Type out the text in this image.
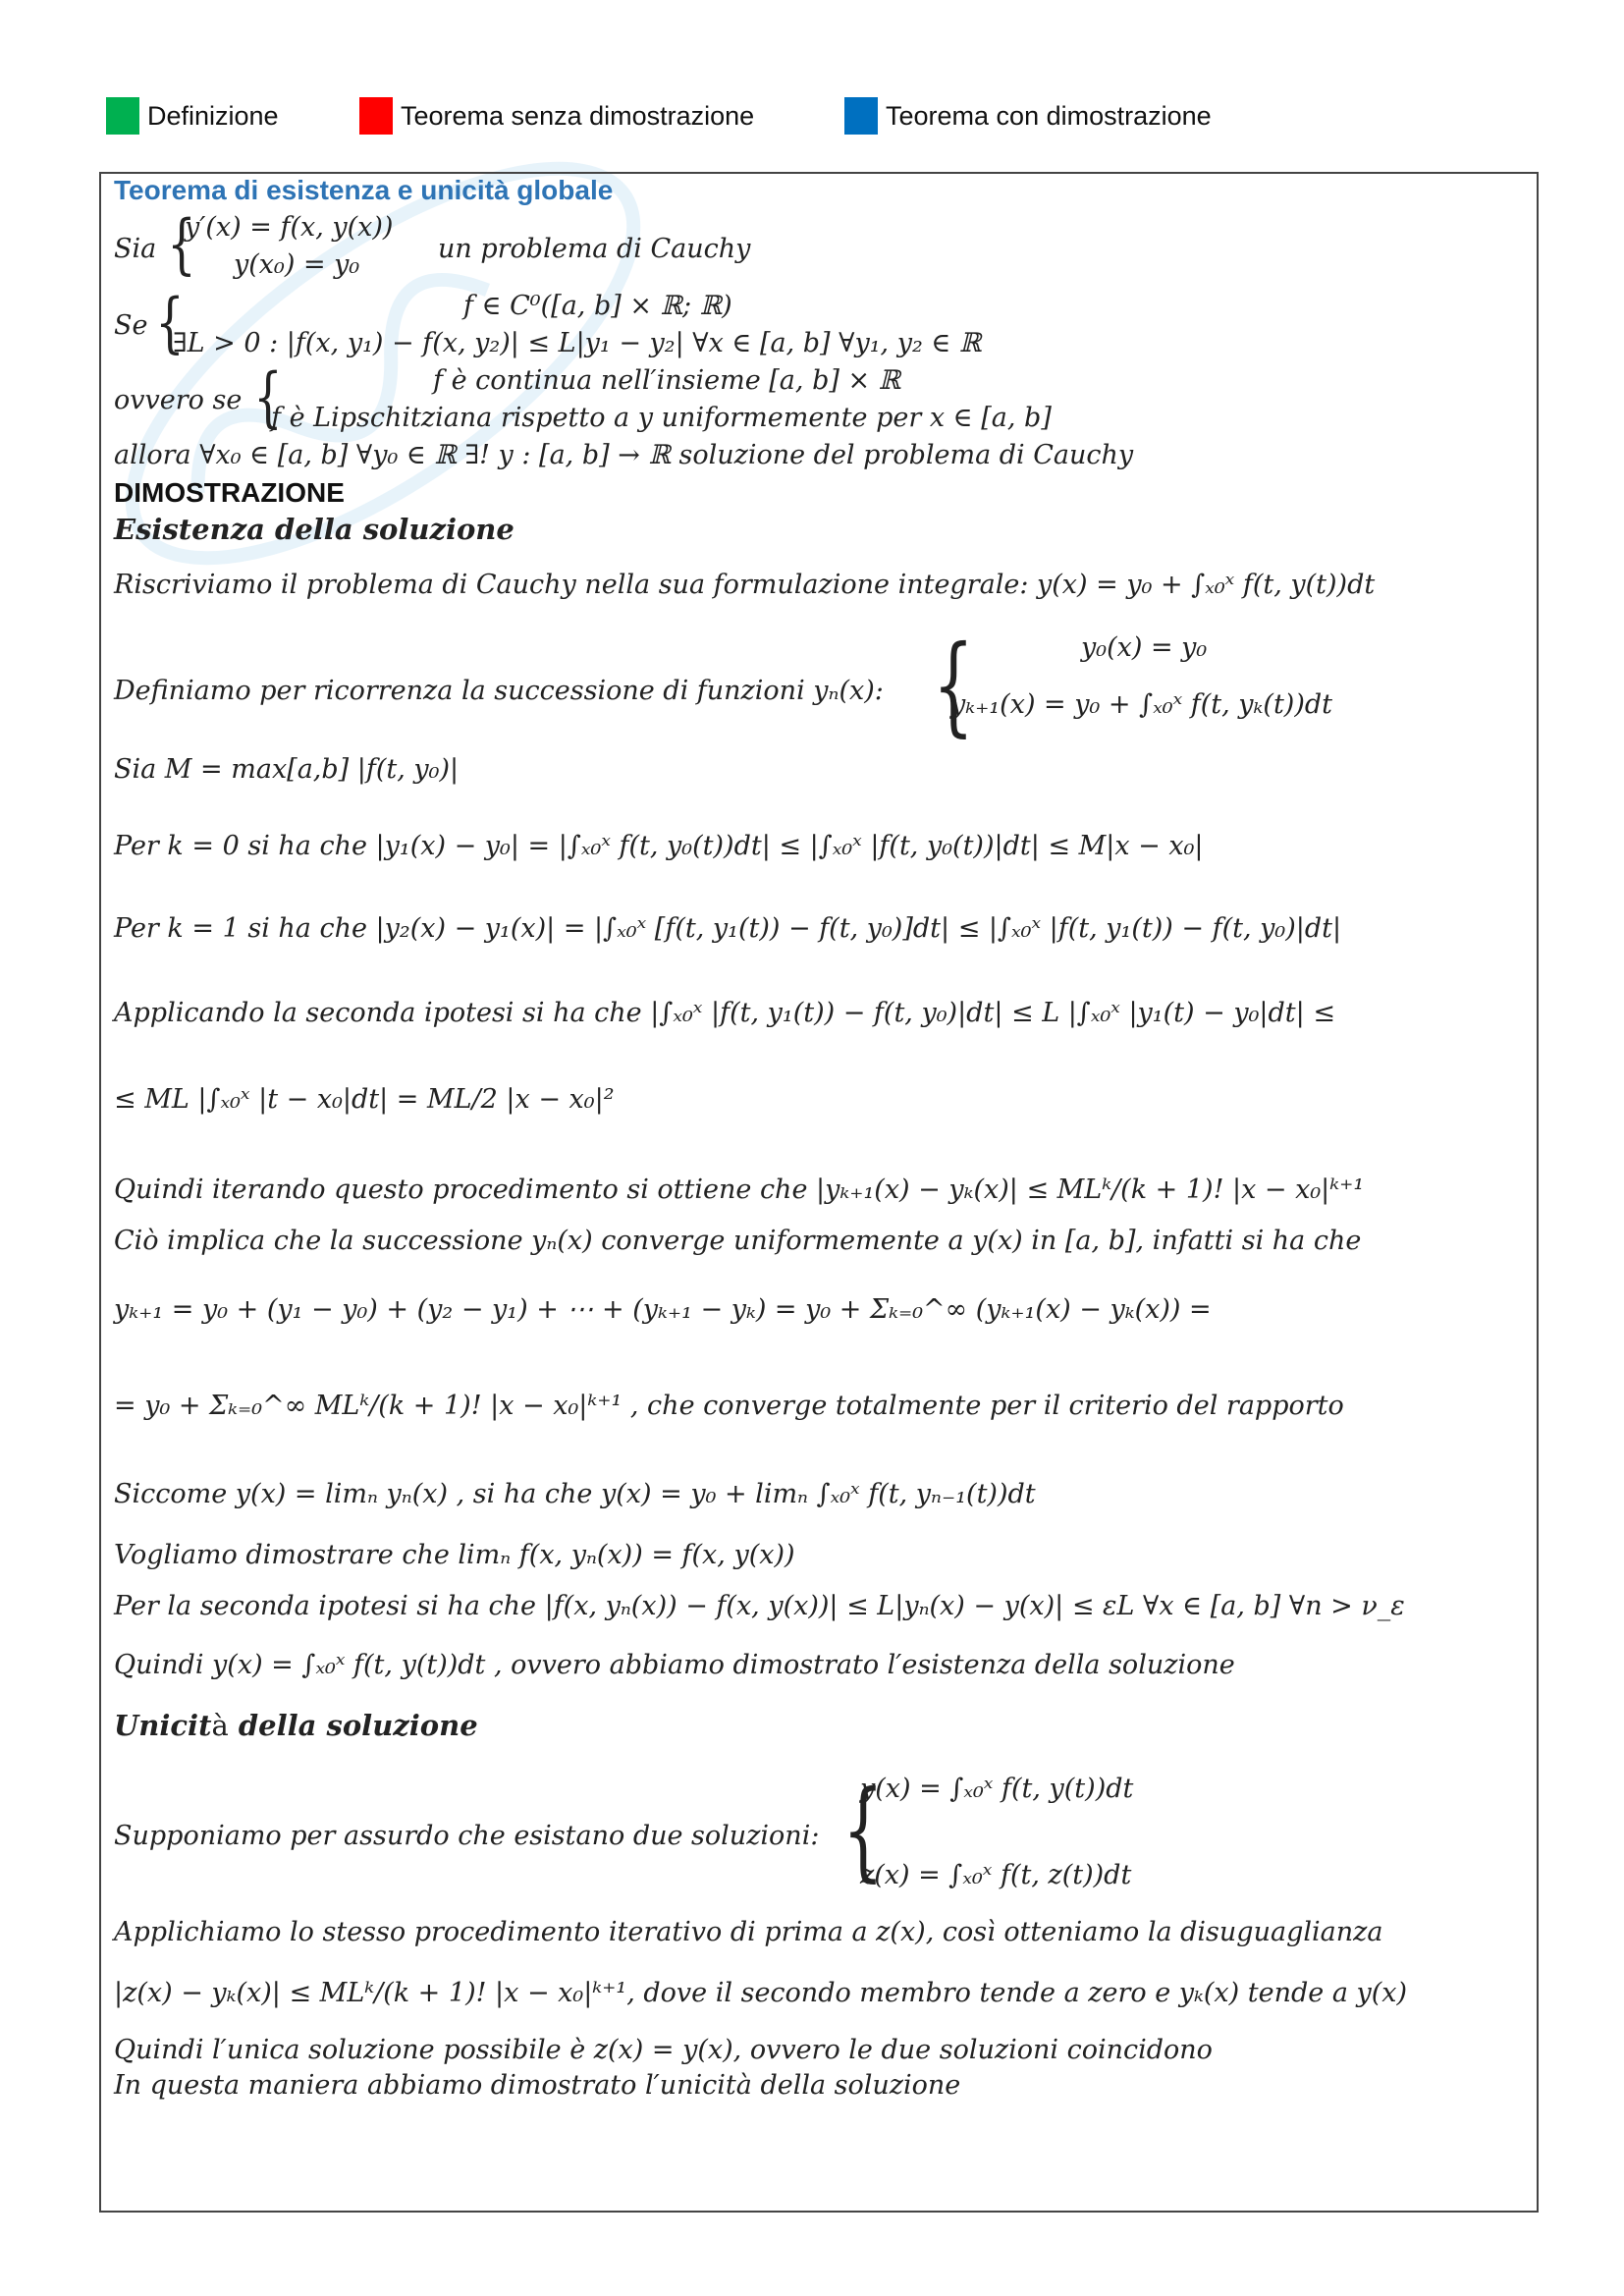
Definizione	Teorema senza dimostrazione	Teorema con dimostrazione
Teorema di esistenza e unicità globale
Sia {
y′(x) = f(x, y(x))
y(x₀) = y₀
un problema di Cauchy
Se {	f ∈ C⁰([a, b] × ℝ; ℝ)
∃L > 0 : |f(x, y₁) − f(x, y₂)| ≤ L|y₁ − y₂| ∀x ∈ [a, b] ∀y₁, y₂ ∈ ℝ
ovvero se {	f è continua nell′insieme [a, b] × ℝ
f è Lipschitziana rispetto a y uniformemente per x ∈ [a, b]
allora ∀x₀ ∈ [a, b] ∀y₀ ∈ ℝ ∃! y : [a, b] → ℝ soluzione del problema di Cauchy
DIMOSTRAZIONE
Esistenza della soluzione
Riscriviamo il problema di Cauchy nella sua formulazione integrale: y(x) = y₀ + ∫ₓ₀ˣ f(t, y(t))dt
Definiamo per ricorrenza la successione di funzioni yₙ(x): {	y₀(x) = y₀
yₖ₊₁(x) = y₀ + ∫ₓ₀ˣ f(t, yₖ(t))dt
Sia M = max[a,b] |f(t, y₀)|
Per k = 0 si ha che |y₁(x) − y₀| = |∫ₓ₀ˣ f(t, y₀(t))dt| ≤ |∫ₓ₀ˣ |f(t, y₀(t))|dt| ≤ M|x − x₀|
Per k = 1 si ha che |y₂(x) − y₁(x)| = |∫ₓ₀ˣ [f(t, y₁(t)) − f(t, y₀)]dt| ≤ |∫ₓ₀ˣ |f(t, y₁(t)) − f(t, y₀)|dt|
Applicando la seconda ipotesi si ha che |∫ₓ₀ˣ |f(t, y₁(t)) − f(t, y₀)|dt| ≤ L |∫ₓ₀ˣ |y₁(t) − y₀|dt| ≤
≤ ML |∫ₓ₀ˣ |t − x₀|dt| = ML/2 |x − x₀|²
Quindi iterando questo procedimento si ottiene che |yₖ₊₁(x) − yₖ(x)| ≤ MLᵏ/(k + 1)! |x − x₀|ᵏ⁺¹
Ciò implica che la successione yₙ(x) converge uniformemente a y(x) in [a, b], infatti si ha che
yₖ₊₁ = y₀ + (y₁ − y₀) + (y₂ − y₁) + ⋯ + (yₖ₊₁ − yₖ) = y₀ + Σₖ₌₀^∞ (yₖ₊₁(x) − yₖ(x)) =
= y₀ + Σₖ₌₀^∞ MLᵏ/(k + 1)! |x − x₀|ᵏ⁺¹ , che converge totalmente per il criterio del rapporto
Siccome y(x) = limₙ yₙ(x) , si ha che y(x) = y₀ + limₙ ∫ₓ₀ˣ f(t, yₙ₋₁(t))dt
Vogliamo dimostrare che limₙ f(x, yₙ(x)) = f(x, y(x))
Per la seconda ipotesi si ha che |f(x, yₙ(x)) − f(x, y(x))| ≤ L|yₙ(x) − y(x)| ≤ εL ∀x ∈ [a, b] ∀n > ν_ε
Quindi y(x) = ∫ₓ₀ˣ f(t, y(t))dt , ovvero abbiamo dimostrato l′esistenza della soluzione
Unicità della soluzione
Supponiamo per assurdo che esistano due soluzioni: {
y(x) = ∫ₓ₀ˣ f(t, y(t))dt
z(x) = ∫ₓ₀ˣ f(t, z(t))dt
Applichiamo lo stesso procedimento iterativo di prima a z(x), così otteniamo la disuguaglianza
|z(x) − yₖ(x)| ≤ MLᵏ/(k + 1)! |x − x₀|ᵏ⁺¹, dove il secondo membro tende a zero e yₖ(x) tende a y(x)
Quindi l′unica soluzione possibile è z(x) = y(x), ovvero le due soluzioni coincidono
In questa maniera abbiamo dimostrato l′unicità della soluzione
